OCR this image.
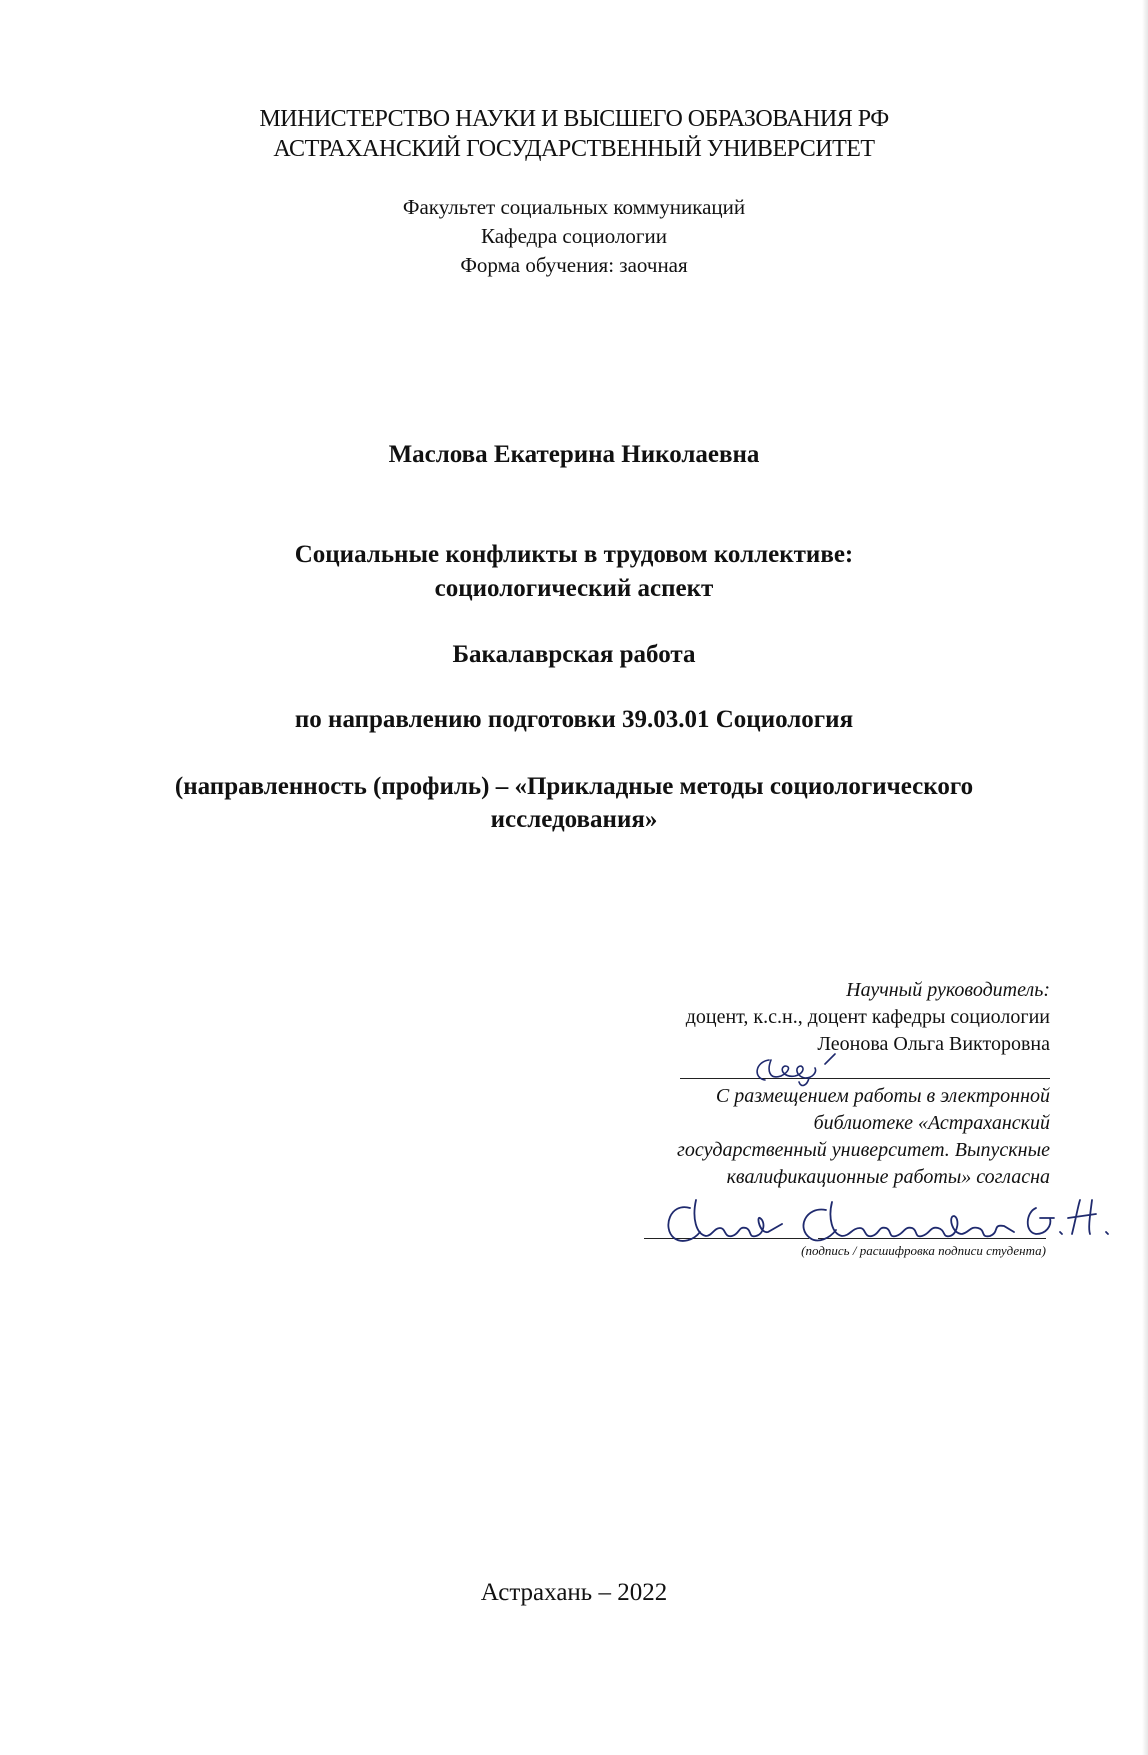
МИНИСТЕРСТВО НАУКИ И ВЫСШЕГО ОБРАЗОВАНИЯ РФ
АСТРАХАНСКИЙ ГОСУДАРСТВЕННЫЙ УНИВЕРСИТЕТ
Факультет социальных коммуникаций
Кафедра социологии
Форма обучения: заочная
Маслова Екатерина Николаевна
Социальные конфликты в трудовом коллективе:
социологический аспект
Бакалаврская работа
по направлению подготовки 39.03.01 Социология
(направленность (профиль) – «Прикладные методы социологического
исследования»
Научный руководитель:
доцент, к.с.н., доцент кафедры социологии
Леонова Ольга Викторовна
С размещением работы в электронной
библиотеке «Астраханский
государственный университет. Выпускные
квалификационные работы» согласна
(подпись / расшифровка подписи студента)
Астрахань – 2022
